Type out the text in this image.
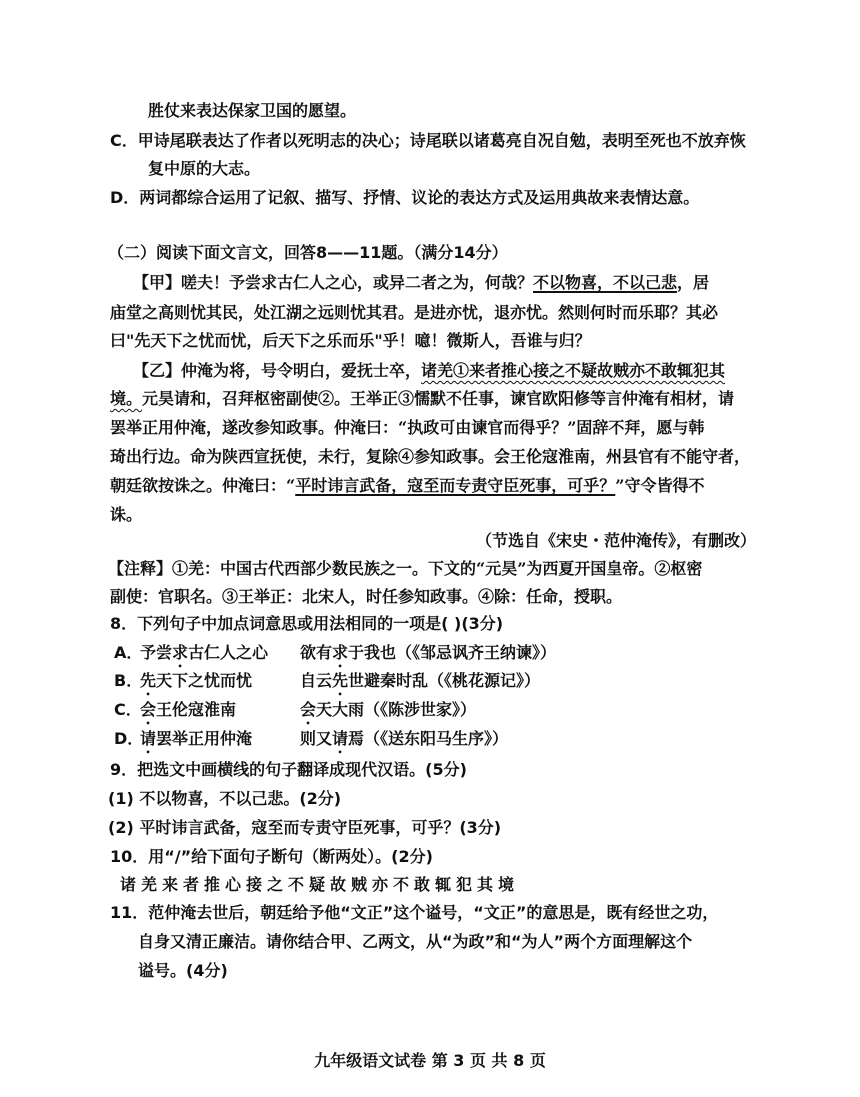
胜仗来表达保家卫国的愿望。
C．甲诗尾联表达了作者以死明志的决心；诗尾联以诸葛亮自况自勉，表明至死也不放弃恢
复中原的大志。
D．两词都综合运用了记叙、描写、抒情、议论的表达方式及运用典故来表情达意。
（二）阅读下面文言文，回答8——11题。（满分14分）
【甲】嗟夫！予尝求古仁人之心，或异二者之为，何哉？不以物喜，不以己悲，居
庙堂之高则忧其民，处江湖之远则忧其君。是进亦忧，退亦忧。然则何时而乐耶？其必
曰"先天下之忧而忧，后天下之乐而乐"乎！噫！微斯人，吾谁与归？
【乙】仲淹为将，号令明白，爱抚士卒，诸羌①来者推心接之不疑故贼亦不敢辄犯其
境。元昊请和，召拜枢密副使②。王举正③懦默不任事，谏官欧阳修等言仲淹有相材，请
罢举正用仲淹，遂改参知政事。仲淹曰：“执政可由谏官而得乎？”固辞不拜，愿与韩
琦出行边。命为陕西宣抚使，未行，复除④参知政事。会王伦寇淮南，州县官有不能守者，
朝廷欲按诛之。仲淹曰：“平时讳言武备，寇至而专责守臣死事，可乎？”守令皆得不
诛。
（节选自《宋史・范仲淹传》，有删改）
【注释】①羌：中国古代西部少数民族之一。下文的“元昊”为西夏开国皇帝。②枢密
副使：官职名。③王举正：北宋人，时任参知政事。④除：任命，授职。
8．下列句子中加点词意思或用法相同的一项是( )(3分)
A．予尝求古仁人之心 欲有求于我也（《邹忌讽齐王纳谏》）
B．先天下之忧而忧	自云先世避秦时乱（《桃花源记》）
C．会王伦寇淮南	会天大雨（《陈涉世家》）
D．请罢举正用仲淹	则又请焉（《送东阳马生序》）
9．把选文中画横线的句子翻译成现代汉语。(5分)
(1) 不以物喜，不以己悲。(2分)
(2) 平时讳言武备，寇至而专责守臣死事，可乎？(3分)
10．用“/”给下面句子断句（断两处）。(2分)
诸羌来者推心接之不疑故贼亦不敢辄犯其境
11．范仲淹去世后，朝廷给予他“文正”这个谥号，“文正”的意思是，既有经世之功，
自身又清正廉洁。请你结合甲、乙两文，从“为政”和“为人”两个方面理解这个
谥号。(4分)
九年级语文试卷 第 3 页 共 8 页
